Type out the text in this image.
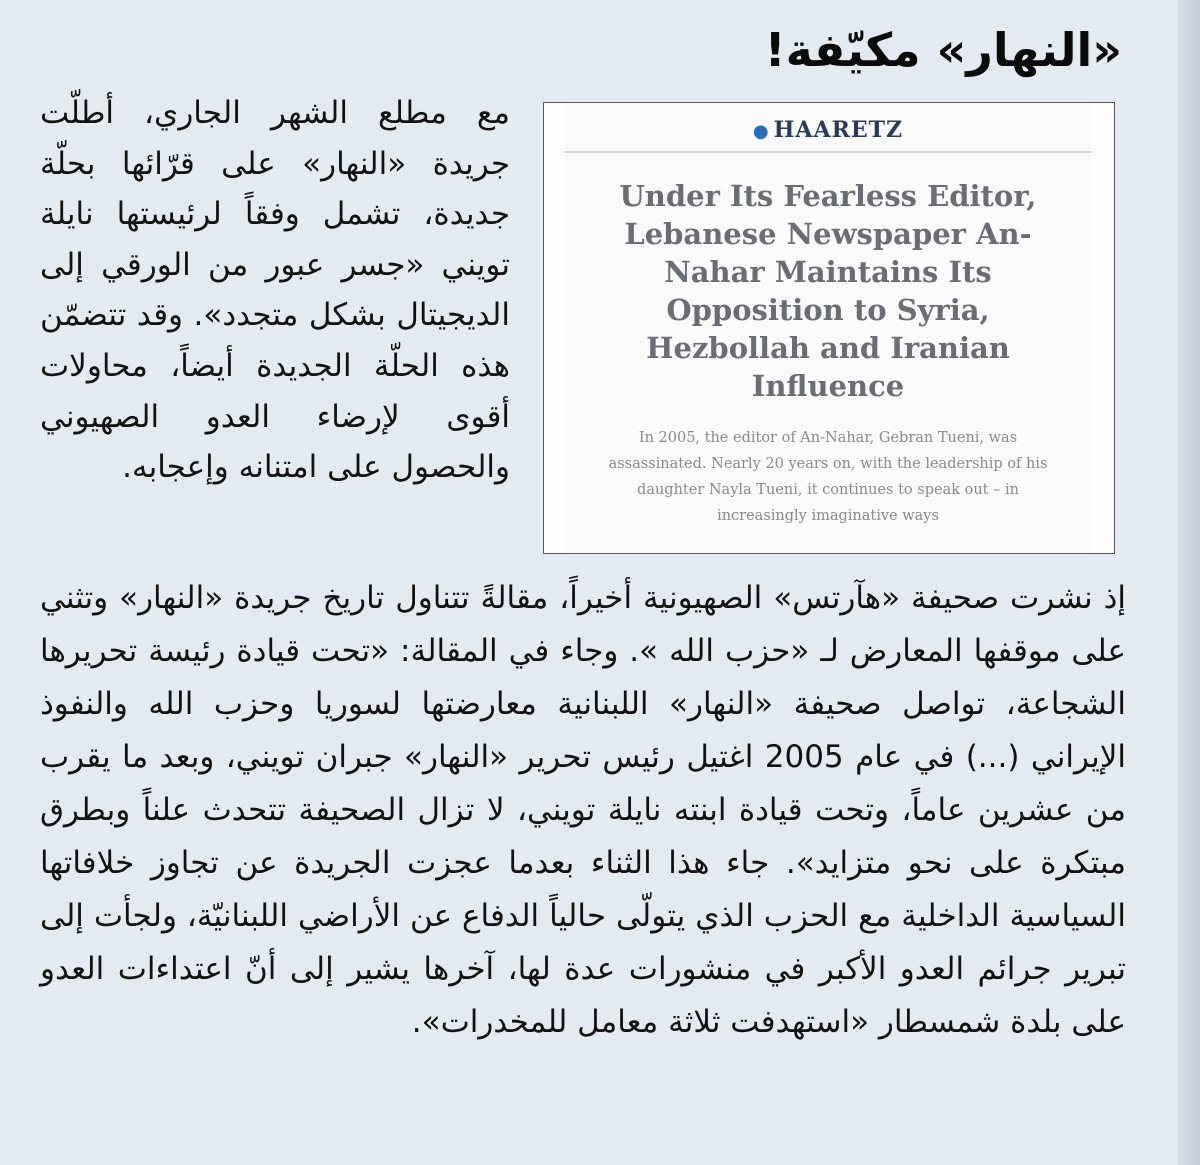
«النهار» مكيّفة!
● HAARETZ

Under Its Fearless Editor, Lebanese Newspaper An-Nahar Maintains Its Opposition to Syria, Hezbollah and Iranian Influence

In 2005, the editor of An-Nahar, Gebran Tueni, was assassinated. Nearly 20 years on, with the leadership of his daughter Nayla Tueni, it continues to speak out – in increasingly imaginative ways

مع مطلع الشهر الجاري، أطلّت جريدة «النهار» على قرّائها بحلّة جديدة، تشمل وفقاً لرئيستها نايلة تويني «جسر عبور من الورقي إلى الديجيتال بشكل متجدد». وقد تتضمّن هذه الحلّة الجديدة أيضاً، محاولات أقوى لإرضاء العدو الصهيوني والحصول على امتنانه وإعجابه.

إذ نشرت صحيفة «هآرتس» الصهيونية أخيراً، مقالةً تتناول تاريخ جريدة «النهار» وتثني على موقفها المعارض لـ «حزب الله ». وجاء في المقالة: «تحت قيادة رئيسة تحريرها الشجاعة، تواصل صحيفة «النهار» اللبنانية معارضتها لسوريا وحزب الله والنفوذ الإيراني (...) في عام 2005 اغتيل رئيس تحرير «النهار» جبران تويني، وبعد ما يقرب من عشرين عاماً، وتحت قيادة ابنته نايلة تويني، لا تزال الصحيفة تتحدث علناً وبطرق مبتكرة على نحو متزايد». جاء هذا الثناء بعدما عجزت الجريدة عن تجاوز خلافاتها السياسية الداخلية مع الحزب الذي يتولّى حالياً الدفاع عن الأراضي اللبنانيّة، ولجأت إلى تبرير جرائم العدو الأكبر في منشورات عدة لها، آخرها يشير إلى أنّ اعتداءات العدو على بلدة شمسطار «استهدفت ثلاثة معامل للمخدرات».
